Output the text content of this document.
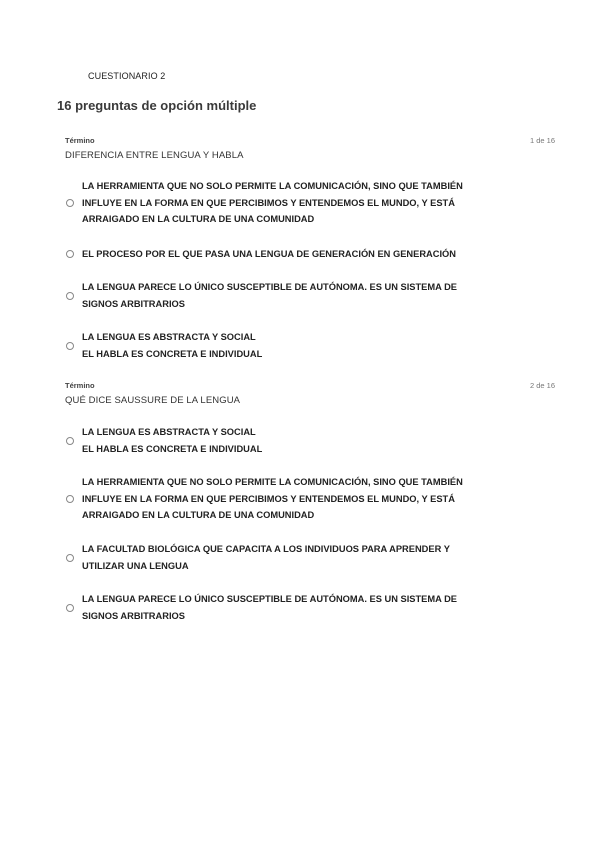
CUESTIONARIO 2
16 preguntas de opción múltiple
Término	1 de 16
DIFERENCIA ENTRE LENGUA Y HABLA
LA HERRAMIENTA QUE NO SOLO PERMITE LA COMUNICACIÓN, SINO QUE TAMBIÉN
INFLUYE EN LA FORMA EN QUE PERCIBIMOS Y ENTENDEMOS EL MUNDO, Y ESTÁ
ARRAIGADO EN LA CULTURA DE UNA COMUNIDAD
EL PROCESO POR EL QUE PASA UNA LENGUA DE GENERACIÓN EN GENERACIÓN
LA LENGUA PARECE LO ÚNICO SUSCEPTIBLE DE AUTÓNOMA. ES UN SISTEMA DE
SIGNOS ARBITRARIOS
LA LENGUA ES ABSTRACTA Y SOCIAL
EL HABLA ES CONCRETA E INDIVIDUAL
Término	2 de 16
QUÉ DICE SAUSSURE DE LA LENGUA
LA LENGUA ES ABSTRACTA Y SOCIAL
EL HABLA ES CONCRETA E INDIVIDUAL
LA HERRAMIENTA QUE NO SOLO PERMITE LA COMUNICACIÓN, SINO QUE TAMBIÉN
INFLUYE EN LA FORMA EN QUE PERCIBIMOS Y ENTENDEMOS EL MUNDO, Y ESTÁ
ARRAIGADO EN LA CULTURA DE UNA COMUNIDAD
LA FACULTAD BIOLÓGICA QUE CAPACITA A LOS INDIVIDUOS PARA APRENDER Y
UTILIZAR UNA LENGUA
LA LENGUA PARECE LO ÚNICO SUSCEPTIBLE DE AUTÓNOMA. ES UN SISTEMA DE
SIGNOS ARBITRARIOS
